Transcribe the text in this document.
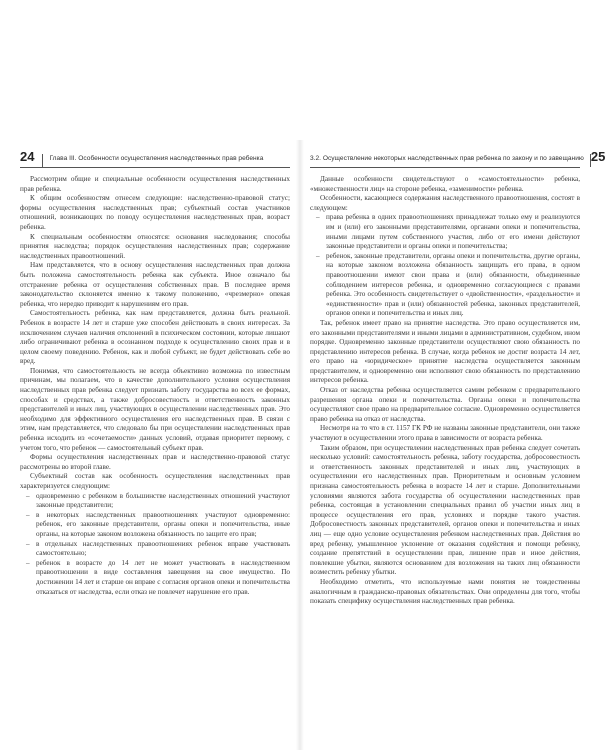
24	Глава III. Особенности осуществления наследственных прав ребенка

Рассмотрим общие и специальные особенности осуществления наследственных прав ребенка.

К общим особенностям отнесем следующие: наследственно-правовой статус; формы осуществления наследственных прав; субъектный состав участников отношений, возникающих по поводу осуществления наследственных прав, возраст ребенка.

К специальным особенностям относятся: основания наследования; способы принятия наследства; порядок осуществления наследственных прав; содержание наследственных правоотношений.

Нам представляется, что в основу осуществления наследственных прав должна быть положена самостоятельность ребенка как субъекта. Иное означало бы отстранение ребенка от осуществления собственных прав. В последнее время законодательство склоняется именно к такому положению, «чрезмерно» опекая ребенка, что нередко приводит к нарушениям его прав.

Самостоятельность ребенка, как нам представляется, должна быть реальной. Ребенок в возрасте 14 лет и старше уже способен действовать в своих интересах. За исключением случаев наличия отклонений в психическом состоянии, которые лишают либо ограничивают ребенка в осознанном подходе к осуществлению своих прав и в целом своему поведению. Ребенок, как и любой субъект, не будет действовать себе во вред.

Понимая, что самостоятельность не всегда объективно возможна по известным причинам, мы полагаем, что в качестве дополнительного условия осуществления наследственных прав ребенка следует признать заботу государства во всех ее формах, способах и средствах, а также добросовестность и ответственность законных представителей и иных лиц, участвующих в осуществлении наследственных прав. Это необходимо для эффективного осуществления его наследственных прав. В связи с этим, нам представляется, что следовало бы при осуществлении наследственных прав ребенка исходить из «сочетаемости» данных условий, отдавая приоритет первому, с учетом того, что ребенок — самостоятельный субъект прав.

Формы осуществления наследственных прав и наследственно-правовой статус рассмотрены во второй главе.

Субъектный состав как особенность осуществления наследственных прав характеризуется следующим:

– одновременно с ребенком в большинстве наследственных отношений участвуют законные представители;
– в некоторых наследственных правоотношениях участвуют одновременно: ребенок, его законные представители, органы опеки и попечительства, иные органы, на которые законом возложена обязанность по защите его прав;
– в отдельных наследственных правоотношениях ребенок вправе участвовать самостоятельно;
– ребенок в возрасте до 14 лет не может участвовать в наследственном правоотношении в виде составления завещения на свое имущество. По достижении 14 лет и старше он вправе с согласия органов опеки и попечительства отказаться от наследства, если отказ не повлечет нарушение его прав.
3.2. Осуществление некоторых наследственных прав ребенка по закону и по завещанию 25

Данные особенности свидетельствуют о «самостоятельности» ребенка, «множественности лиц» на стороне ребенка, «заменимости» ребенка.

Особенности, касающиеся содержания наследственного правоотношения, состоят в следующем:

– права ребенка в одних правоотношениях принадлежат только ему и реализуются им и (или) его законными представителями, органами опеки и попечительства, иными лицами путем собственного участия, либо от его имени действуют законные представители и органы опеки и попечительства;
– ребенок, законные представители, органы опеки и попечительства, другие органы, на которые законом возложена обязанность защищать его права, в одном правоотношении имеют свои права и (или) обязанности, объединенные соблюдением интересов ребенка, и одновременно согласующиеся с правами ребенка. Это особенность свидетельствует о «двойственности», «раздельности» и «единственности» прав и (или) обязанностей ребенка, законных представителей, органов опеки и попечительства и иных лиц.

Так, ребенок имеет право на принятие наследства. Это право осуществляется им, его законными представителями и иными лицами в административном, судебном, ином порядке. Одновременно законные представители осуществляют свою обязанность по представлению интересов ребенка. В случае, когда ребенок не достиг возраста 14 лет, его право на «юридическое» принятие наследства осуществляется законным представителем, и одновременно они исполняют свою обязанность по представлению интересов ребенка.

Отказ от наследства ребенка осуществляется самим ребенком с предварительного разрешения органа опеки и попечительства. Органы опеки и попечительства осуществляют свое право на предварительное согласие. Одновременно осуществляется право ребенка на отказ от наследства.

Несмотря на то что в ст. 1157 ГК РФ не названы законные представители, они также участвуют в осуществлении этого права в зависимости от возраста ребенка.

Таким образом, при осуществлении наследственных прав ребенка следует сочетать несколько условий: самостоятельность ребенка, заботу государства, добросовестность и ответственность законных представителей и иных лиц, участвующих в осуществлении его наследственных прав. Приоритетным и основным условием признана самостоятельность ребенка в возрасте 14 лет и старше. Дополнительными условиями являются забота государства об осуществлении наследственных прав ребенка, состоящая в установлении специальных правил об участии иных лиц в процессе осуществления его прав, условиях и порядке такого участия. Добросовестность законных представителей, органов опеки и попечительства и иных лиц — еще одно условие осуществления ребенком наследственных прав. Действия во вред ребенку, умышленное уклонение от оказания содействия и помощи ребенку, создание препятствий в осуществлении прав, лишение прав и иное действия, повлекшие убытки, являются основанием для возложения на таких лиц обязанности возместить ребенку убытки.

Необходимо отметить, что используемые нами понятия не тождественны аналогичным в гражданско-правовых обязательствах. Они определены для того, чтобы показать специфику осуществления наследственных прав ребенка.
